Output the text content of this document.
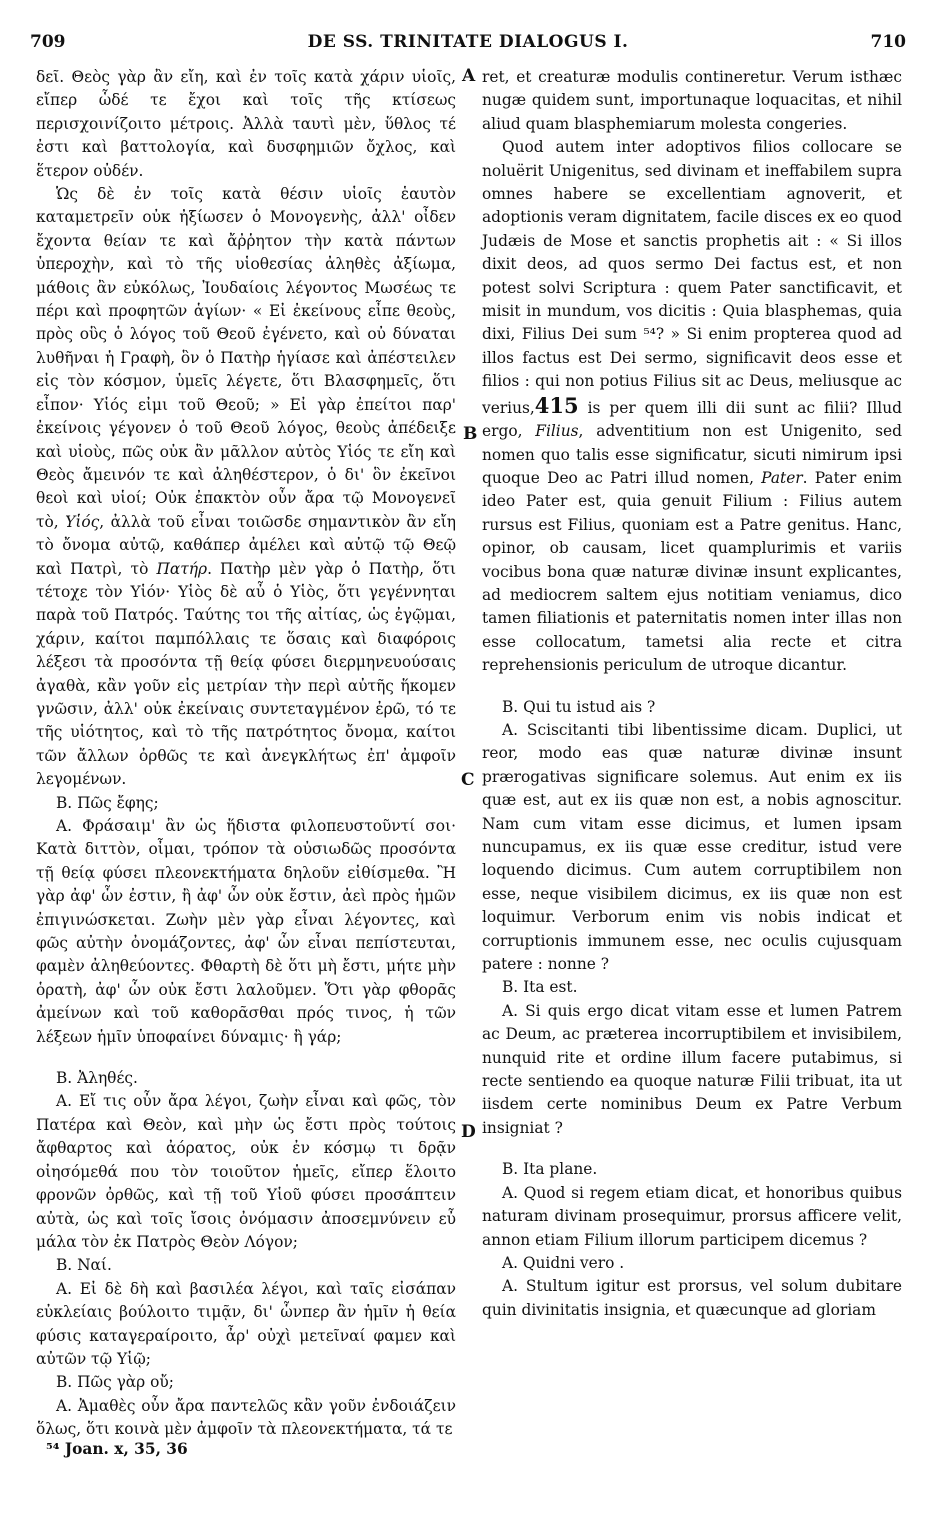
709	DE SS. TRINITATE DIALOGUS I.	710
A
B
C
D

δεῖ. Θεὸς γὰρ ἂν εἴη, καὶ ἐν τοῖς κατὰ χάριν υἱοῖς, εἴπερ ὧδέ τε ἔχοι καὶ τοῖς τῆς κτίσεως περισχοινίζοιτο μέτροις. Ἀλλὰ ταυτὶ μὲν, ὕθλος τέ ἐστι καὶ βαττολογία, καὶ δυσφημιῶν ὄχλος, καὶ ἕτερον οὐδέν.

Ὡς δὲ ἐν τοῖς κατὰ θέσιν υἱοῖς ἑαυτὸν καταμετρεῖν οὐκ ἠξίωσεν ὁ Μονογενὴς, ἀλλ' οἶδεν ἔχοντα θείαν τε καὶ ἄῤῥητον τὴν κατὰ πάντων ὑπεροχὴν, καὶ τὸ τῆς υἱοθεσίας ἀληθὲς ἀξίωμα, μάθοις ἂν εὐκόλως, Ἰουδαίοις λέγοντος Μωσέως τε πέρι καὶ προφητῶν ἁγίων· « Εἰ ἐκείνους εἶπε θεοὺς, πρὸς οὓς ὁ λόγος τοῦ Θεοῦ ἐγένετο, καὶ οὐ δύναται λυθῆναι ἡ Γραφὴ, ὃν ὁ Πατὴρ ἡγίασε καὶ ἀπέστειλεν εἰς τὸν κόσμον, ὑμεῖς λέγετε, ὅτι Βλασφημεῖς, ὅτι εἶπον· Υἱός εἰμι τοῦ Θεοῦ; » Εἰ γὰρ ἐπείτοι παρ' ἐκείνοις γέγονεν ὁ τοῦ Θεοῦ λόγος, θεοὺς ἀπέδειξε καὶ υἱοὺς, πῶς οὐκ ἂν μᾶλλον αὐτὸς Υἱός τε εἴη καὶ Θεὸς ἄμεινόν τε καὶ ἀληθέστερον, ὁ δι' ὃν ἐκεῖνοι θεοὶ καὶ υἱοί; Οὐκ ἐπακτὸν οὖν ἄρα τῷ Μονογενεῖ τὸ, Υἱός, ἀλλὰ τοῦ εἶναι τοιῶσδε σημαντικὸν ἂν εἴη τὸ ὄνομα αὐτῷ, καθάπερ ἀμέλει καὶ αὐτῷ τῷ Θεῷ καὶ Πατρὶ, τὸ Πατήρ. Πατὴρ μὲν γὰρ ὁ Πατὴρ, ὅτι τέτοχε τὸν Υἱόν· Υἱὸς δὲ αὖ ὁ Υἱὸς, ὅτι γεγέννηται παρὰ τοῦ Πατρός. Ταύτης τοι τῆς αἰτίας, ὡς ἐγῷμαι, χάριν, καίτοι παμπόλλαις τε ὅσαις καὶ διαφόροις λέξεσι τὰ προσόντα τῇ θείᾳ φύσει διερμηνευούσαις ἀγαθὰ, κἂν γοῦν εἰς μετρίαν τὴν περὶ αὐτῆς ἥκομεν γνῶσιν, ἀλλ' οὐκ ἐκείναις συντεταγμένον ἐρῶ, τό τε τῆς υἱότητος, καὶ τὸ τῆς πατρότητος ὄνομα, καίτοι τῶν ἄλλων ὀρθῶς τε καὶ ἀνεγκλήτως ἐπ' ἀμφοῖν λεγομένων.

Β. Πῶς ἔφης;

Α. Φράσαιμ' ἂν ὡς ἥδιστα φιλοπευστοῦντί σοι· Κατὰ διττὸν, οἶμαι, τρόπον τὰ οὐσιωδῶς προσόντα τῇ θείᾳ φύσει πλεονεκτήματα δηλοῦν εἰθίσμεθα. Ἢ γὰρ ἀφ' ὧν ἐστιν, ἢ ἀφ' ὧν οὐκ ἔστιν, ἀεὶ πρὸς ἡμῶν ἐπιγινώσκεται. Ζωὴν μὲν γὰρ εἶναι λέγοντες, καὶ φῶς αὐτὴν ὀνομάζοντες, ἀφ' ὧν εἶναι πεπίστευται, φαμὲν ἀληθεύοντες. Φθαρτὴ δὲ ὅτι μὴ ἔστι, μήτε μὴν ὁρατὴ, ἀφ' ὧν οὐκ ἔστι λαλοῦμεν. Ὅτι γὰρ φθορᾶς ἀμείνων καὶ τοῦ καθορᾶσθαι πρός τινος, ἡ τῶν λέξεων ἡμῖν ὑποφαίνει δύναμις· ἢ γάρ;

Β. Ἀληθές.

Α. Εἴ τις οὖν ἄρα λέγοι, ζωὴν εἶναι καὶ φῶς, τὸν Πατέρα καὶ Θεὸν, καὶ μὴν ὡς ἔστι πρὸς τούτοις ἄφθαρτος καὶ ἀόρατος, οὐκ ἐν κόσμῳ τι δρᾷν οἰησόμεθά που τὸν τοιοῦτον ἡμεῖς, εἴπερ ἕλοιτο φρονῶν ὀρθῶς, καὶ τῇ τοῦ Υἱοῦ φύσει προσάπτειν αὐτὰ, ὡς καὶ τοῖς ἴσοις ὀνόμασιν ἀποσεμνύνειν εὖ μάλα τὸν ἐκ Πατρὸς Θεὸν Λόγον;

Β. Ναί.

Α. Εἰ δὲ δὴ καὶ βασιλέα λέγοι, καὶ ταῖς εἰσάπαν εὐκλείαις βούλοιτο τιμᾷν, δι' ὧνπερ ἂν ἡμῖν ἡ θεία φύσις καταγεραίροιτο, ἆρ' οὐχὶ μετεῖναί φαμεν καὶ αὐτῶν τῷ Υἱῷ;

Β. Πῶς γὰρ οὔ;

Α. Ἀμαθὲς οὖν ἄρα παντελῶς κἂν γοῦν ἐνδοιάζειν ὅλως, ὅτι κοινὰ μὲν ἀμφοῖν τὰ πλεονεκτήματα, τά τε

ret, et creaturæ modulis contineretur. Verum isthæc nugæ quidem sunt, importunaque loquacitas, et nihil aliud quam blasphemiarum molesta congeries.

Quod autem inter adoptivos filios collocare se noluërit Unigenitus, sed divinam et ineffabilem supra omnes habere se excellentiam agnoverit, et adoptionis veram dignitatem, facile disces ex eo quod Judæis de Mose et sanctis prophetis ait : « Si illos dixit deos, ad quos sermo Dei factus est, et non potest solvi Scriptura : quem Pater sanctificavit, et misit in mundum, vos dicitis : Quia blasphemas, quia dixi, Filius Dei sum ⁵⁴? » Si enim propterea quod ad illos factus est Dei sermo, significavit deos esse et filios : qui non potius Filius sit ac Deus, meliusque ac verius,415 is per quem illi dii sunt ac filii? Illud ergo, Filius, adventitium non est Unigenito, sed nomen quo talis esse significatur, sicuti nimirum ipsi quoque Deo ac Patri illud nomen, Pater. Pater enim ideo Pater est, quia genuit Filium : Filius autem rursus est Filius, quoniam est a Patre genitus. Hanc, opinor, ob causam, licet quamplurimis et variis vocibus bona quæ naturæ divinæ insunt explicantes, ad mediocrem saltem ejus notitiam veniamus, dico tamen filiationis et paternitatis nomen inter illas non esse collocatum, tametsi alia recte et citra reprehensionis periculum de utroque dicantur.

B. Qui tu istud ais ?

A. Sciscitanti tibi libentissime dicam. Duplici, ut reor, modo eas quæ naturæ divinæ insunt prærogativas significare solemus. Aut enim ex iis quæ est, aut ex iis quæ non est, a nobis agnoscitur. Nam cum vitam esse dicimus, et lumen ipsam nuncupamus, ex iis quæ esse creditur, istud vere loquendo dicimus. Cum autem corruptibilem non esse, neque visibilem dicimus, ex iis quæ non est loquimur. Verborum enim vis nobis indicat et corruptionis immunem esse, nec oculis cujusquam patere : nonne ?

B. Ita est.

A. Si quis ergo dicat vitam esse et lumen Patrem ac Deum, ac præterea incorruptibilem et invisibilem, nunquid rite et ordine illum facere putabimus, si recte sentiendo ea quoque naturæ Filii tribuat, ita ut iisdem certe nominibus Deum ex Patre Verbum insigniat ?

B. Ita plane.

A. Quod si regem etiam dicat, et honoribus quibus naturam divinam prosequimur, prorsus afficere velit, annon etiam Filium illorum participem dicemus ?

A. Quidni vero .

A. Stultum igitur est prorsus, vel solum dubitare quin divinitatis insignia, et quæcunque ad gloriam

⁵⁴ Joan. x, 35, 36
